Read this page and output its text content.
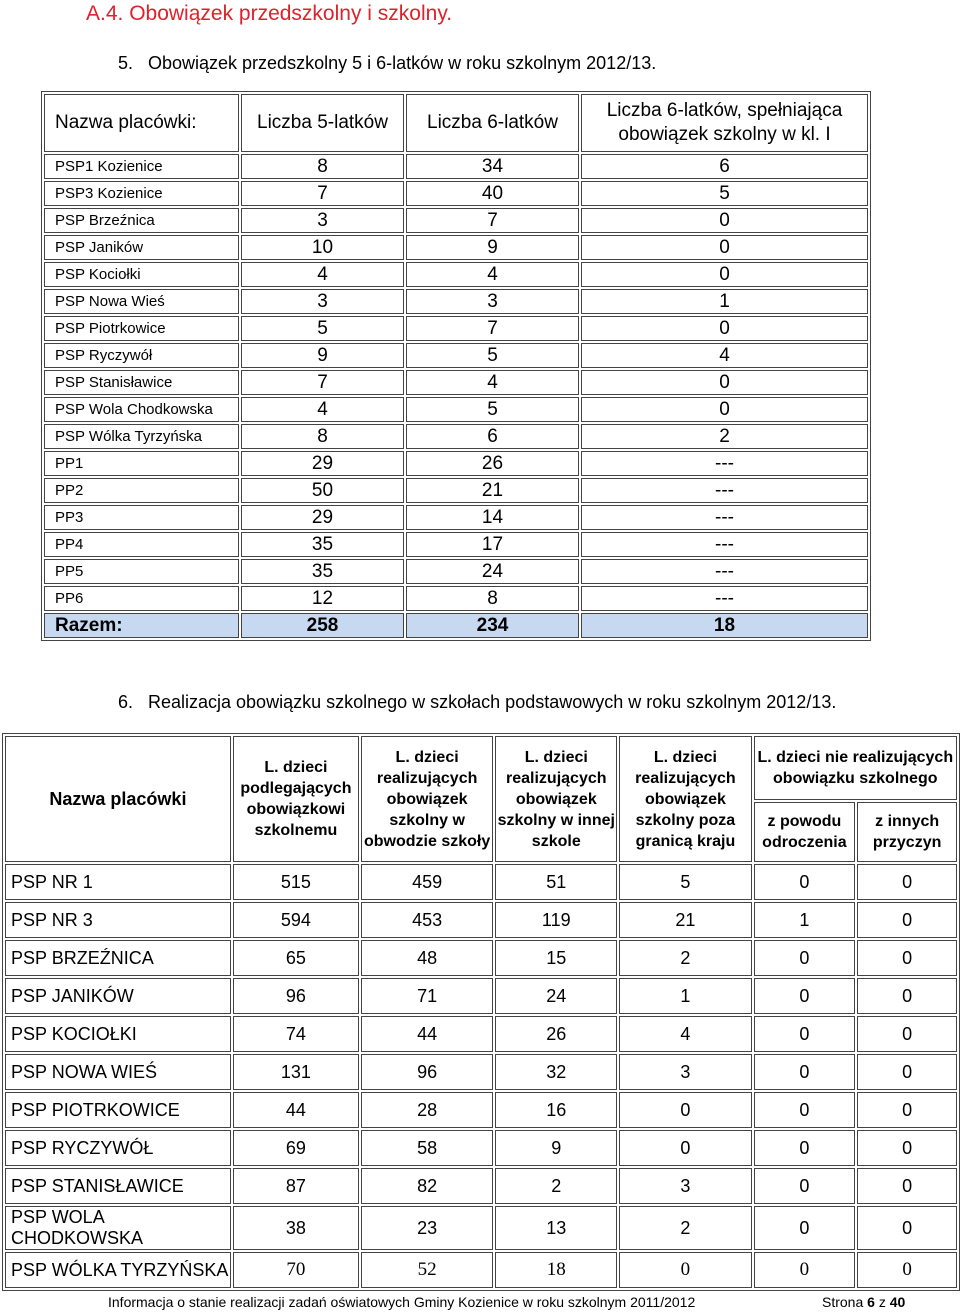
A.4. Obowiązek przedszkolny i szkolny.
5. Obowiązek przedszkolny 5 i 6-latków w roku szkolnym 2012/13.
Nazwa placówki:	Liczba 5-latków	Liczba 6-latków	Liczba 6-latków, spełniająca obowiązek szkolny w kl. I
PSP1 Kozienice	8	34	6
PSP3 Kozienice	7	40	5
PSP Brzeźnica	3	7	0
PSP Janików	10	9	0
PSP Kociołki	4	4	0
PSP Nowa Wieś	3	3	1
PSP Piotrkowice	5	7	0
PSP Ryczywół	9	5	4
PSP Stanisławice	7	4	0
PSP Wola Chodkowska	4	5	0
PSP Wólka Tyrzyńska	8	6	2
PP1	29	26	---
PP2	50	21	---
PP3	29	14	---
PP4	35	17	---
PP5	35	24	---
PP6	12	8	---
Razem:	258	234	18
6. Realizacja obowiązku szkolnego w szkołach podstawowych w roku szkolnym 2012/13.
Nazwa placówki	L. dzieci podlegających obowiązkowi szkolnemu	L. dzieci realizujących obowiązek szkolny w obwodzie szkoły	L. dzieci realizujących obowiązek szkolny w innej szkole	L. dzieci realizujących obowiązek szkolny poza granicą kraju	L. dzieci nie realizujących obowiązku szkolnego	
					z powodu odroczenia	z innych przyczyn
PSP NR 1	515	459	51	5	0	0
PSP NR 3	594	453	119	21	1	0
PSP BRZEŹNICA	65	48	15	2	0	0
PSP JANIKÓW	96	71	24	1	0	0
PSP KOCIOŁKI	74	44	26	4	0	0
PSP NOWA WIEŚ	131	96	32	3	0	0
PSP PIOTRKOWICE	44	28	16	0	0	0
PSP RYCZYWÓŁ	69	58	9	0	0	0
PSP STANISŁAWICE	87	82	2	3	0	0
PSP WOLA CHODKOWSKA	38	23	13	2	0	0
PSP WÓLKA TYRZYŃSKA	70	52	18	0	0	0
Informacja o stanie realizacji zadań oświatowych Gminy Kozienice w roku szkolnym 2011/2012	Strona 6 z 40
